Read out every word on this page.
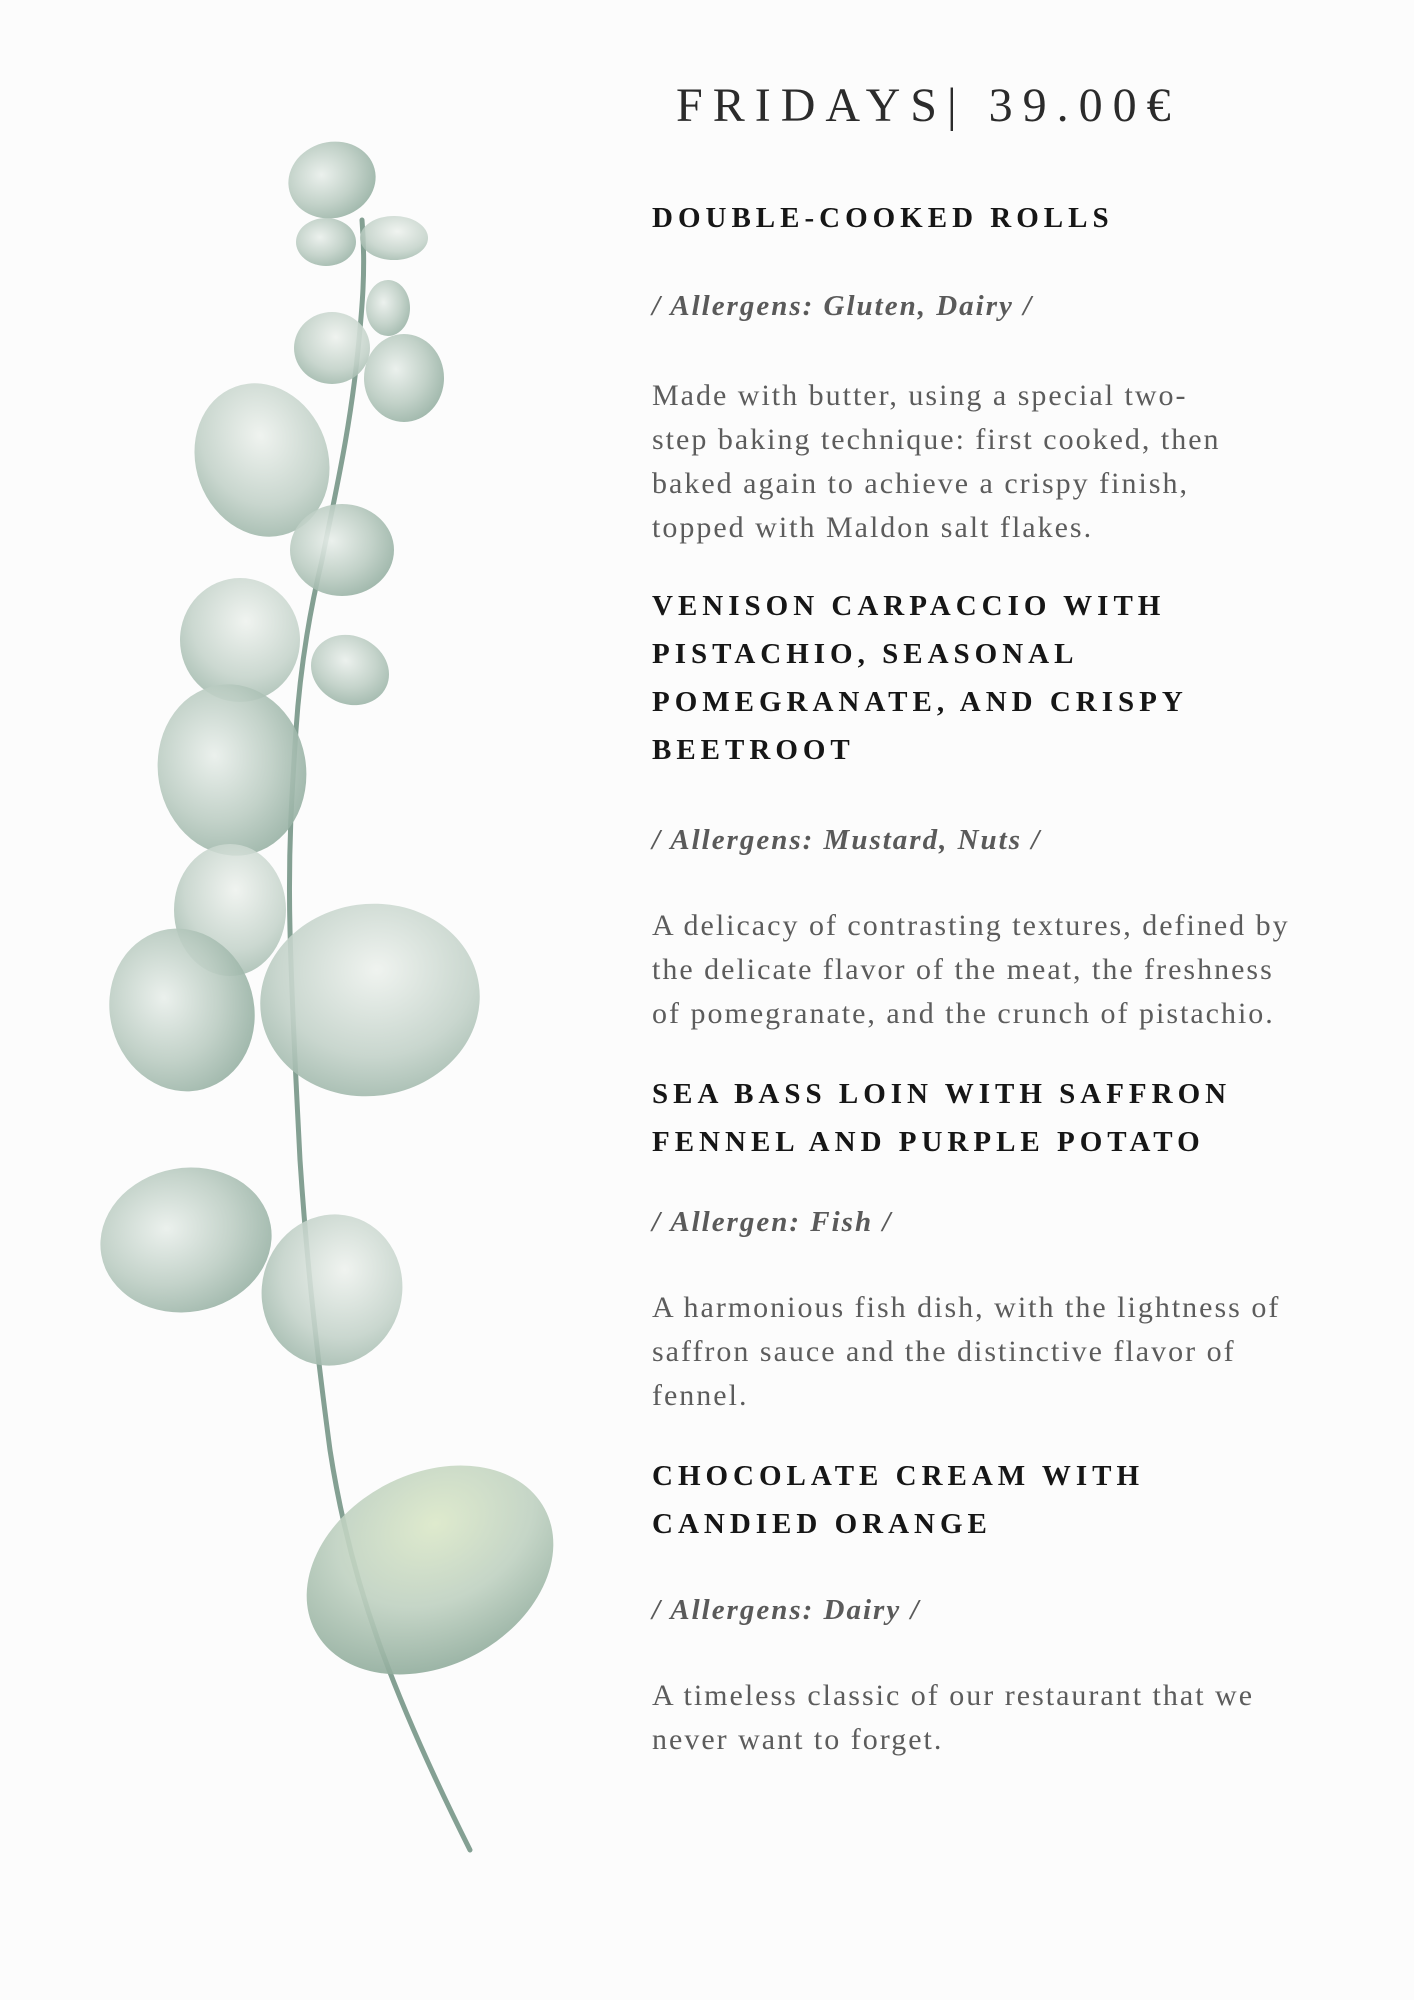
FRIDAYS| 39.00€
DOUBLE-COOKED ROLLS

/ Allergens: Gluten, Dairy /

Made with butter, using a special two-
step baking technique: first cooked, then
baked again to achieve a crispy finish,
topped with Maldon salt flakes.

VENISON CARPACCIO WITH
PISTACHIO, SEASONAL
POMEGRANATE, AND CRISPY
BEETROOT

/ Allergens: Mustard, Nuts /

A delicacy of contrasting textures, defined by
the delicate flavor of the meat, the freshness
of pomegranate, and the crunch of pistachio.

SEA BASS LOIN WITH SAFFRON
FENNEL AND PURPLE POTATO

/ Allergen: Fish /

A harmonious fish dish, with the lightness of
saffron sauce and the distinctive flavor of
fennel.

CHOCOLATE CREAM WITH
CANDIED ORANGE

/ Allergens: Dairy /

A timeless classic of our restaurant that we
never want to forget.
